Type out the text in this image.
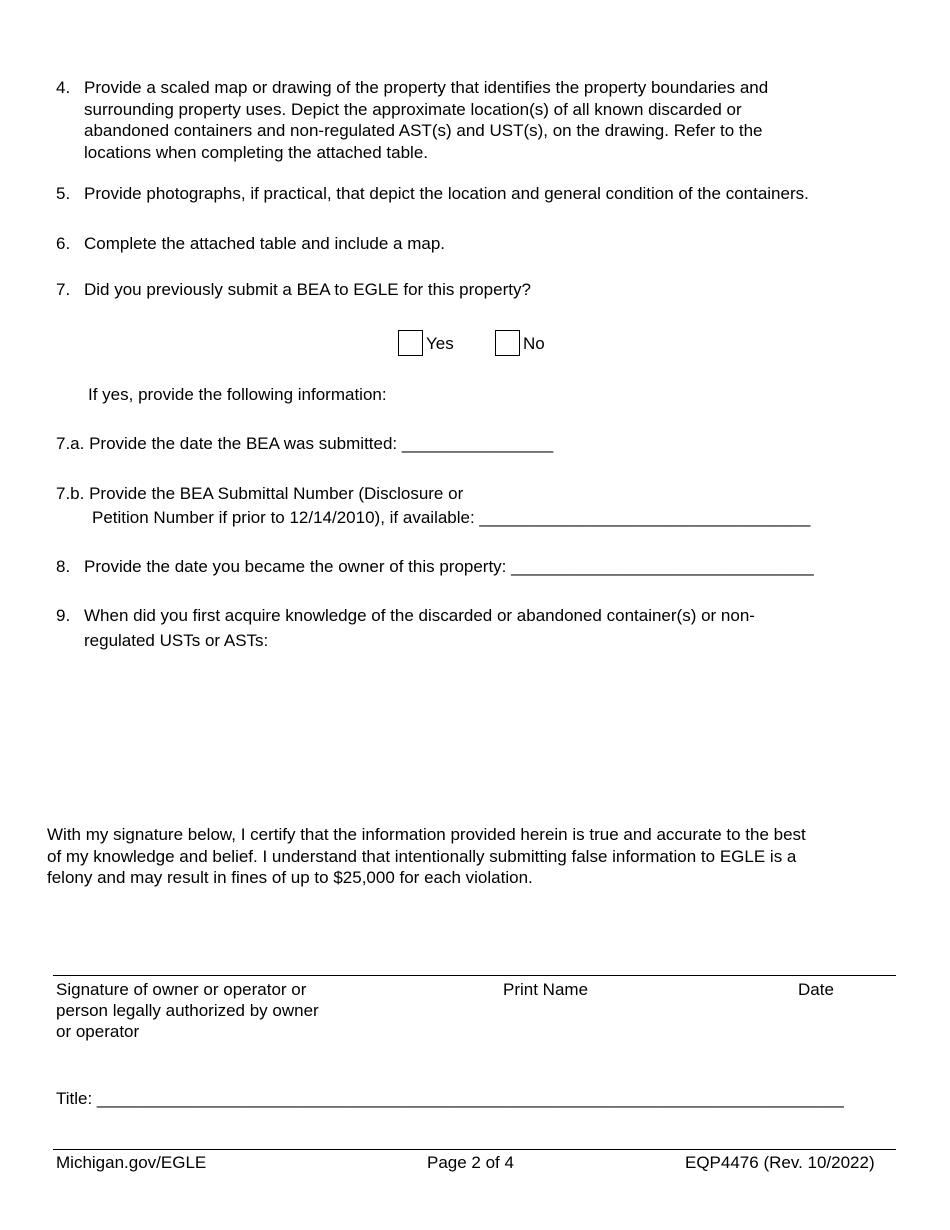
4. Provide a scaled map or drawing of the property that identifies the property boundaries and
surrounding property uses. Depict the approximate location(s) of all known discarded or
abandoned containers and non-regulated AST(s) and UST(s), on the drawing. Refer to the
locations when completing the attached table.
5. Provide photographs, if practical, that depict the location and general condition of the containers.
6. Complete the attached table and include a map.
7. Did you previously submit a BEA to EGLE for this property?
Yes	No
If yes, provide the following information:
7.a. Provide the date the BEA was submitted: ________________
7.b. Provide the BEA Submittal Number (Disclosure or
Petition Number if prior to 12/14/2010), if available: ___________________________________
8. Provide the date you became the owner of this property: ________________________________
9. When did you first acquire knowledge of the discarded or abandoned container(s) or non-
regulated USTs or ASTs:
With my signature below, I certify that the information provided herein is true and accurate to the best
of my knowledge and belief. I understand that intentionally submitting false information to EGLE is a
felony and may result in fines of up to $25,000 for each violation.
Signature of owner or operator or
person legally authorized by owner
or operator
Print Name	Date
Title: _______________________________________________________________________________
Michigan.gov/EGLE	Page 2 of 4	EQP4476 (Rev. 10/2022)
